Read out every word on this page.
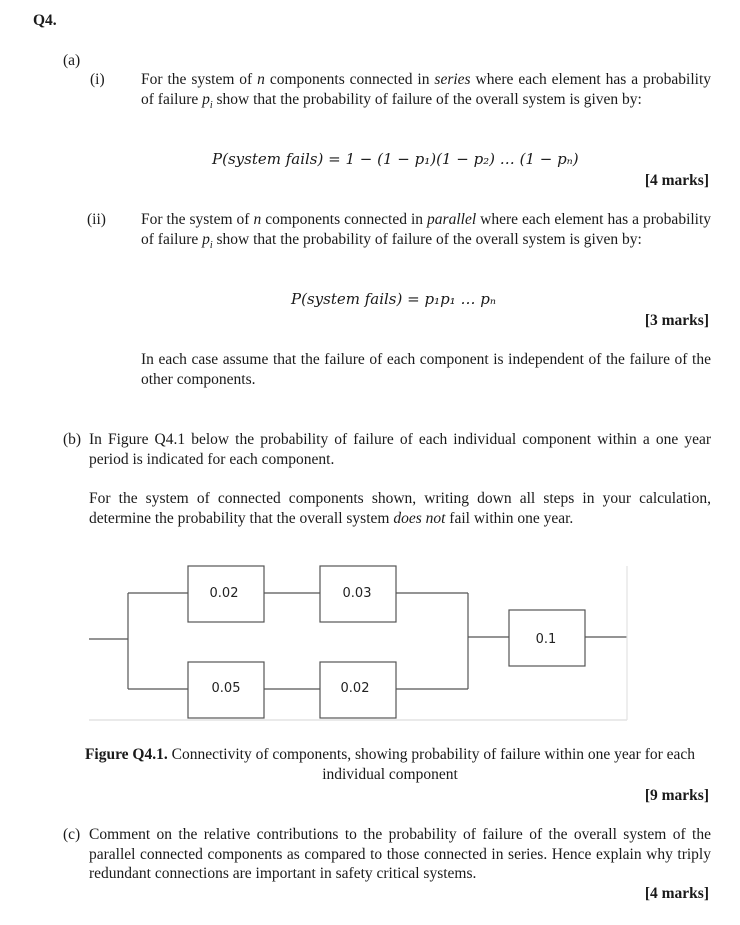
Q4.
(a)
(i) For the system of n components connected in series where each element has a probability of failure $p_i$ show that the probability of failure of the overall system is given by:
P(system fails) = 1 − (1 − p₁)(1 − p₂) … (1 − pₙ)
[4 marks]
(ii) For the system of n components connected in parallel where each element has a probability of failure $p_i$ show that the probability of failure of the overall system is given by:
P(system fails) = p₁p₁ … pₙ
[3 marks]
In each case assume that the failure of each component is independent of the failure of the other components.
(b) In Figure Q4.1 below the probability of failure of each individual component within a one year period is indicated for each component.
For the system of connected components shown, writing down all steps in your calculation, determine the probability that the overall system does not fail within one year.
0.02	0.03
0.05	0.02
0.1
Figure Q4.1. Connectivity of components, showing probability of failure within one year for each individual component
[9 marks]
(c) Comment on the relative contributions to the probability of failure of the overall system of the parallel connected components as compared to those connected in series. Hence explain why triply redundant connections are important in safety critical systems.
[4 marks]
